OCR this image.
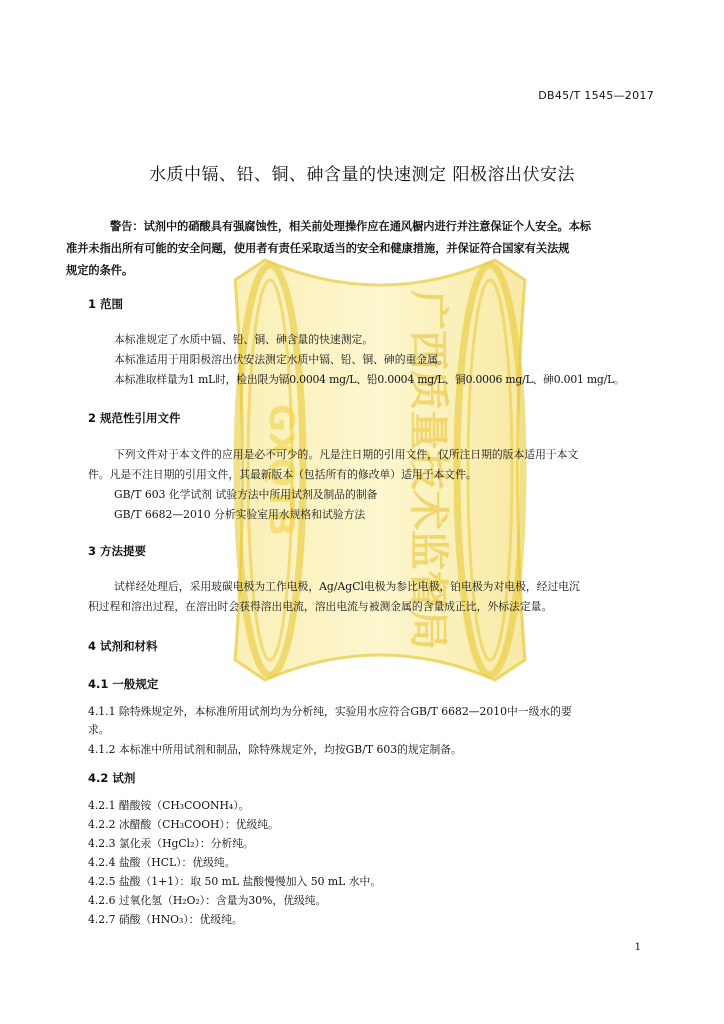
GXQTB	广西质量技术监督局
DB45/T 1545—2017
水质中镉、铅、铜、砷含量的快速测定 阳极溶出伏安法
警告：试剂中的硝酸具有强腐蚀性，相关前处理操作应在通风橱内进行并注意保证个人安全。本标

准并未指出所有可能的安全问题，使用者有责任采取适当的安全和健康措施，并保证符合国家有关法规
规定的条件。
1 范围
本标准规定了水质中镉、铅、铜、砷含量的快速测定。
本标准适用于用阳极溶出伏安法测定水质中镉、铅、铜、砷的重金属。
本标准取样量为1 mL时，检出限为镉0.0004 mg/L、铅0.0004 mg/L、铜0.0006 mg/L、砷0.001 mg/L。
2 规范性引用文件
下列文件对于本文件的应用是必不可少的。凡是注日期的引用文件，仅所注日期的版本适用于本文
件。凡是不注日期的引用文件，其最新版本（包括所有的修改单）适用于本文件。
GB/T 603 化学试剂 试验方法中所用试剂及制品的制备
GB/T 6682—2010 分析实验室用水规格和试验方法
3 方法提要
试样经处理后，采用玻碳电极为工作电极，Ag/AgCl电极为参比电极，铂电极为对电极，经过电沉
积过程和溶出过程，在溶出时会获得溶出电流，溶出电流与被测金属的含量成正比，外标法定量。
4 试剂和材料
4.1 一般规定
4.1.1 除特殊规定外，本标准所用试剂均为分析纯，实验用水应符合GB/T 6682—2010中一级水的要
求。
4.1.2 本标准中所用试剂和制品，除特殊规定外，均按GB/T 603的规定制备。
4.2 试剂
4.2.1 醋酸铵（CH₃COONH₄）。
4.2.2 冰醋酸（CH₃COOH）：优级纯。
4.2.3 氯化汞（HgCl₂）：分析纯。
4.2.4 盐酸（HCL）：优级纯。
4.2.5 盐酸（1+1）：取 50 mL 盐酸慢慢加入 50 mL 水中。
4.2.6 过氧化氢（H₂O₂）：含量为30%，优级纯。
4.2.7 硝酸（HNO₃）：优级纯。
1
